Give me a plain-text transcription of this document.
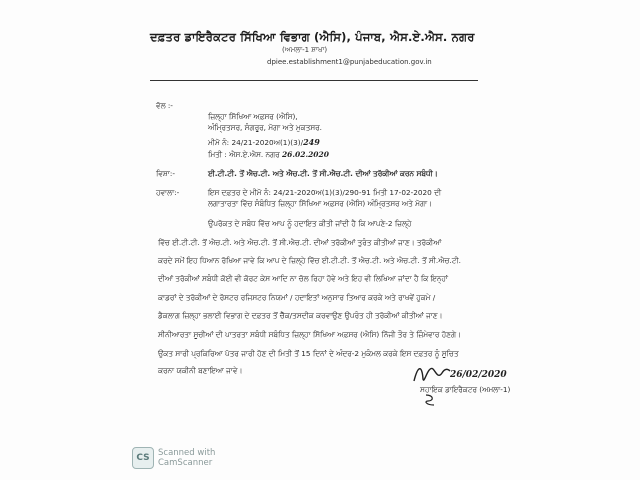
ਦਫ਼ਤਰ ਡਾਇਰੈਕਟਰ ਸਿੱਖਿਆ ਵਿਭਾਗ (ਐਸਿ), ਪੰਜਾਬ, ਐਸ.ਏ.ਐਸ. ਨਗਰ
(ਅਮਲਾ-1 ਸ਼ਾਖਾ)
dpiee.establishment1@punjabeducation.gov.in
ਵੱਲ :-
ਜ਼ਿਲ੍ਹਾ ਸਿੱਖਿਆ ਅਫ਼ਸਰ (ਐਸਿ),
ਅੰਮ੍ਰਿਤਸਰ, ਸੰਗਰੂਰ, ਮੋਗਾ ਅਤੇ ਮੁਕਤਸਰ.
ਮੀਮੋ ਨੰ: 24/21-2020ਅ(1)(3)/249
ਮਿਤੀ : ਐਸ.ਏ.ਐਸ. ਨਗਰ 26.02.2020
ਵਿਸ਼ਾ:-	ਈ.ਟੀ.ਟੀ. ਤੋਂ ਐਚ.ਟੀ. ਅਤੇ ਐਚ.ਟੀ. ਤੋਂ ਸੀ.ਐਚ.ਟੀ. ਦੀਆਂ ਤਰੱਕੀਆਂ ਕਰਨ ਸਬੰਧੀ।
ਹਵਾਲਾ:-	ਇਸ ਦਫ਼ਤਰ ਦੇ ਮੀਮੋ ਨੰ: 24/21-2020ਅ(1)(3)/290-91 ਮਿਤੀ 17-02-2020 ਦੀ
ਲਗਾਤਾਰਤਾ ਵਿੱਚ ਸੰਬੰਧਿਤ ਜ਼ਿਲ੍ਹਾ ਸਿੱਖਿਆ ਅਫ਼ਸਰ (ਐਸਿ) ਅੰਮ੍ਰਿਤਸਰ ਅਤੇ ਮੋਗਾ।
ਉਪਰੋਕਤ ਦੇ ਸਬੰਧ ਵਿੱਚ ਆਪ ਨੂੰ ਹਦਾਇਤ ਕੀਤੀ ਜਾਂਦੀ ਹੈ ਕਿ ਆਪਣੇ-2 ਜ਼ਿਲ੍ਹੇ
ਵਿੱਚ ਈ.ਟੀ.ਟੀ. ਤੋਂ ਐਚ.ਟੀ. ਅਤੇ ਐਚ.ਟੀ. ਤੋਂ ਸੀ.ਐਚ.ਟੀ. ਦੀਆਂ ਤਰੱਕੀਆਂ ਤੁਰੰਤ ਕੀਤੀਆਂ ਜਾਣ। ਤਰੱਕੀਆਂ
ਕਰਦੇ ਸਮੇਂ ਇਹ ਧਿਆਨ ਰੱਖਿਆ ਜਾਵੇ ਕਿ ਆਪ ਦੇ ਜ਼ਿਲ੍ਹੇ ਵਿੱਚ ਈ.ਟੀ.ਟੀ. ਤੋਂ ਐਚ.ਟੀ. ਅਤੇ ਐਚ.ਟੀ. ਤੋਂ ਸੀ.ਐਚ.ਟੀ.
ਦੀਆਂ ਤਰੱਕੀਆਂ ਸਬੰਧੀ ਕੋਈ ਵੀ ਕੋਰਟ ਕੇਸ ਆਦਿ ਨਾ ਚੱਲ ਰਿਹਾ ਹੋਵੇ ਅਤੇ ਇਹ ਵੀ ਲਿਖਿਆ ਜਾਂਦਾ ਹੈ ਕਿ ਇਨ੍ਹਾਂ
ਕਾਡਰਾਂ ਦੇ ਤਰੱਕੀਆਂ ਦੇ ਰੋਸਟਰ ਰਜਿਸਟਰ ਨਿਯਮਾਂ / ਹਦਾਇਤਾਂ ਅਨੁਸਾਰ ਤਿਆਰ ਕਰਕੇ ਅਤੇ ਰਾਖਵੇਂ ਹੁਕਮੇ /
ਡੈਕਲਾਗ ਜ਼ਿਲ੍ਹਾ ਭਲਾਈ ਵਿਭਾਗ ਦੇ ਦਫ਼ਤਰ ਤੋਂ ਚੈੱਕ/ਤਸਦੀਕ ਕਰਵਾਉਣ ਉਪਰੰਤ ਹੀ ਤਰੱਕੀਆਂ ਕੀਤੀਆਂ ਜਾਣ।
ਸੀਨੀਆਰਤਾ ਸੂਚੀਆਂ ਦੀ ਪਾਤਰਤਾ ਸਬੰਧੀ ਸਬੰਧਿਤ ਜ਼ਿਲ੍ਹਾ ਸਿੱਖਿਆ ਅਫ਼ਸਰ (ਐਸਿ) ਨਿੱਜੀ ਤੌਰ ਤੇ ਜ਼ਿੰਮੇਵਾਰ ਹੋਣਗੇ।
ਉਕਤ ਸਾਰੀ ਪ੍ਰਕਿਰਿਆ ਪੱਤਰ ਜਾਰੀ ਹੋਣ ਦੀ ਮਿਤੀ ਤੋਂ 15 ਦਿਨਾਂ ਦੇ ਅੰਦਰ-2 ਮੁਕੰਮਲ ਕਰਕੇ ਇਸ ਦਫ਼ਤਰ ਨੂੰ ਸੂਚਿਤ
ਕਰਨਾ ਯਕੀਨੀ ਬਣਾਇਆ ਜਾਵੇ।	26/02/2020
ਸਹਾਇਕ ਡਾਇਰੈਕਟਰ (ਅਮਲਾ-1)
CS Scanned with
CamScanner
